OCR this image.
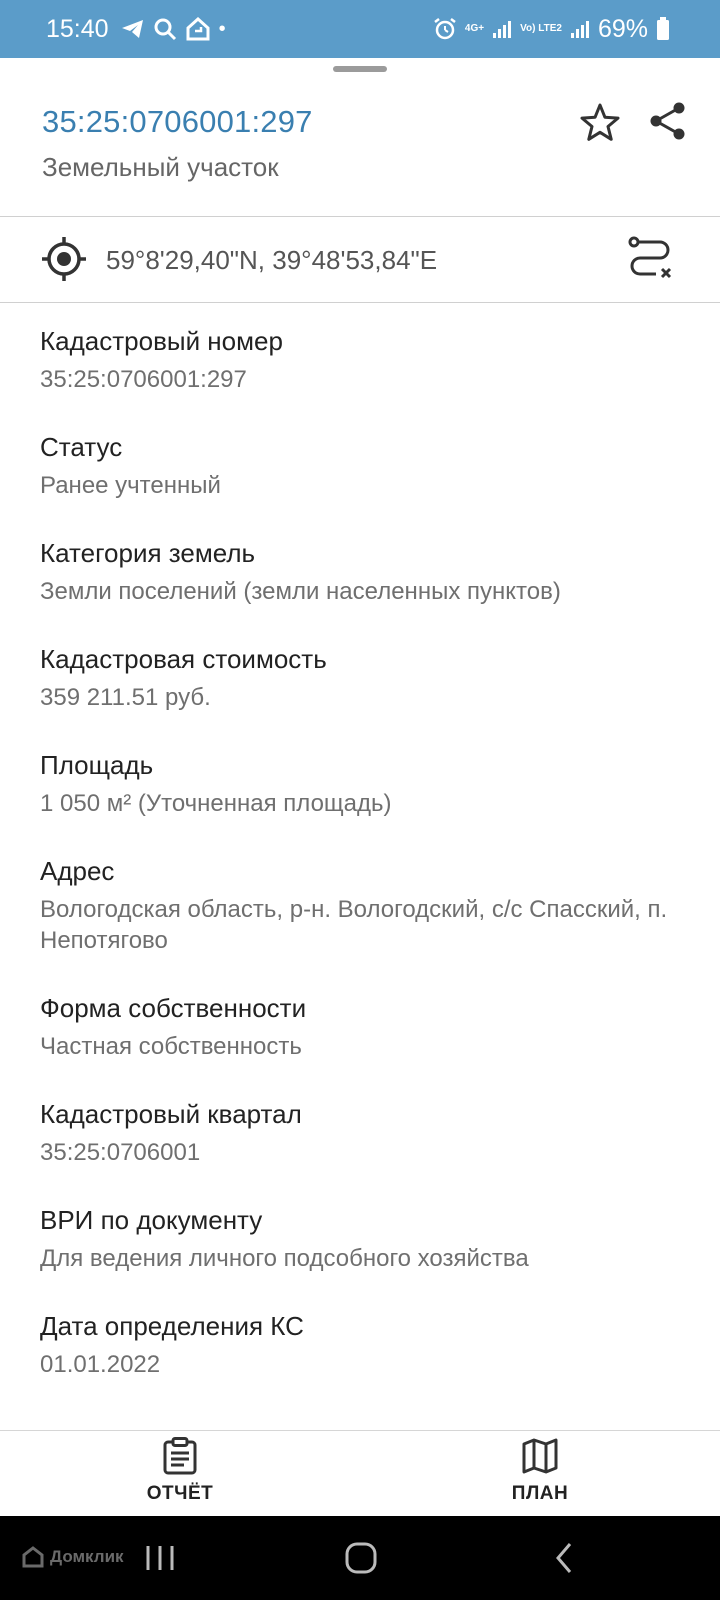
15:40	•	4G+	Vo) LTE2 69%
35:25:0706001:297
Земельный участок
59°8'29,40"N, 39°48'53,84"E
Кадастровый номер
35:25:0706001:297
Статус
Ранее учтенный
Категория земель
Земли поселений (земли населенных пунктов)
Кадастровая стоимость
359 211.51 руб.
Площадь
1 050 м² (Уточненная площадь)
Адрес
Вологодская область, р-н. Вологодский, с/с Спасский, п. Непотягово
Форма собственности
Частная собственность
Кадастровый квартал
35:25:0706001
ВРИ по документу
Для ведения личного подсобного хозяйства
Дата определения КС
01.01.2022
ОТЧЁТ	ПЛАН
Домклик
